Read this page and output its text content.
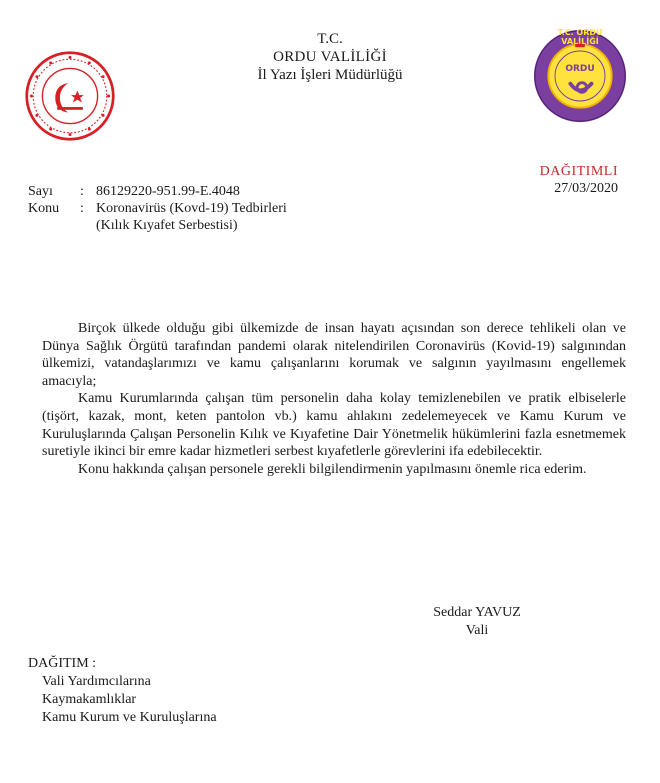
T.C. ORDU VALİLİĞİ
ORDU
T.C.
ORDU VALİLİĞİ
İl Yazı İşleri Müdürlüğü
DAĞITIMLI
27/03/2020
Sayı	: 86129220-951.99-E.4048
Konu	: Koronavirüs (Kovd-19) Tedbirleri
(Kılık Kıyafet Serbestisi)

Birçok ülkede olduğu gibi ülkemizde de insan hayatı açısından son derece tehlikeli olan ve Dünya Sağlık Örgütü tarafından pandemi olarak nitelendirilen Coronavirüs (Kovid-19) salgınından ülkemizi, vatandaşlarımızı ve kamu çalışanlarını korumak ve salgının yayılmasını engellemek amacıyla;

Kamu Kurumlarında çalışan tüm personelin daha kolay temizlenebilen ve pratik elbiselerle (tişört, kazak, mont, keten pantolon vb.) kamu ahlakını zedelemeyecek ve Kamu Kurum ve Kuruluşlarında Çalışan Personelin Kılık ve Kıyafetine Dair Yönetmelik hükümlerini fazla esnetmemek suretiyle ikinci bir emre kadar hizmetleri serbest kıyafetlerle görevlerini ifa edebilecektir.

Konu hakkında çalışan personele gerekli bilgilendirmenin yapılmasını önemle rica ederim.

Seddar YAVUZ
Vali
DAĞITIM :
Vali Yardımcılarına
Kaymakamlıklar
Kamu Kurum ve Kuruluşlarına
